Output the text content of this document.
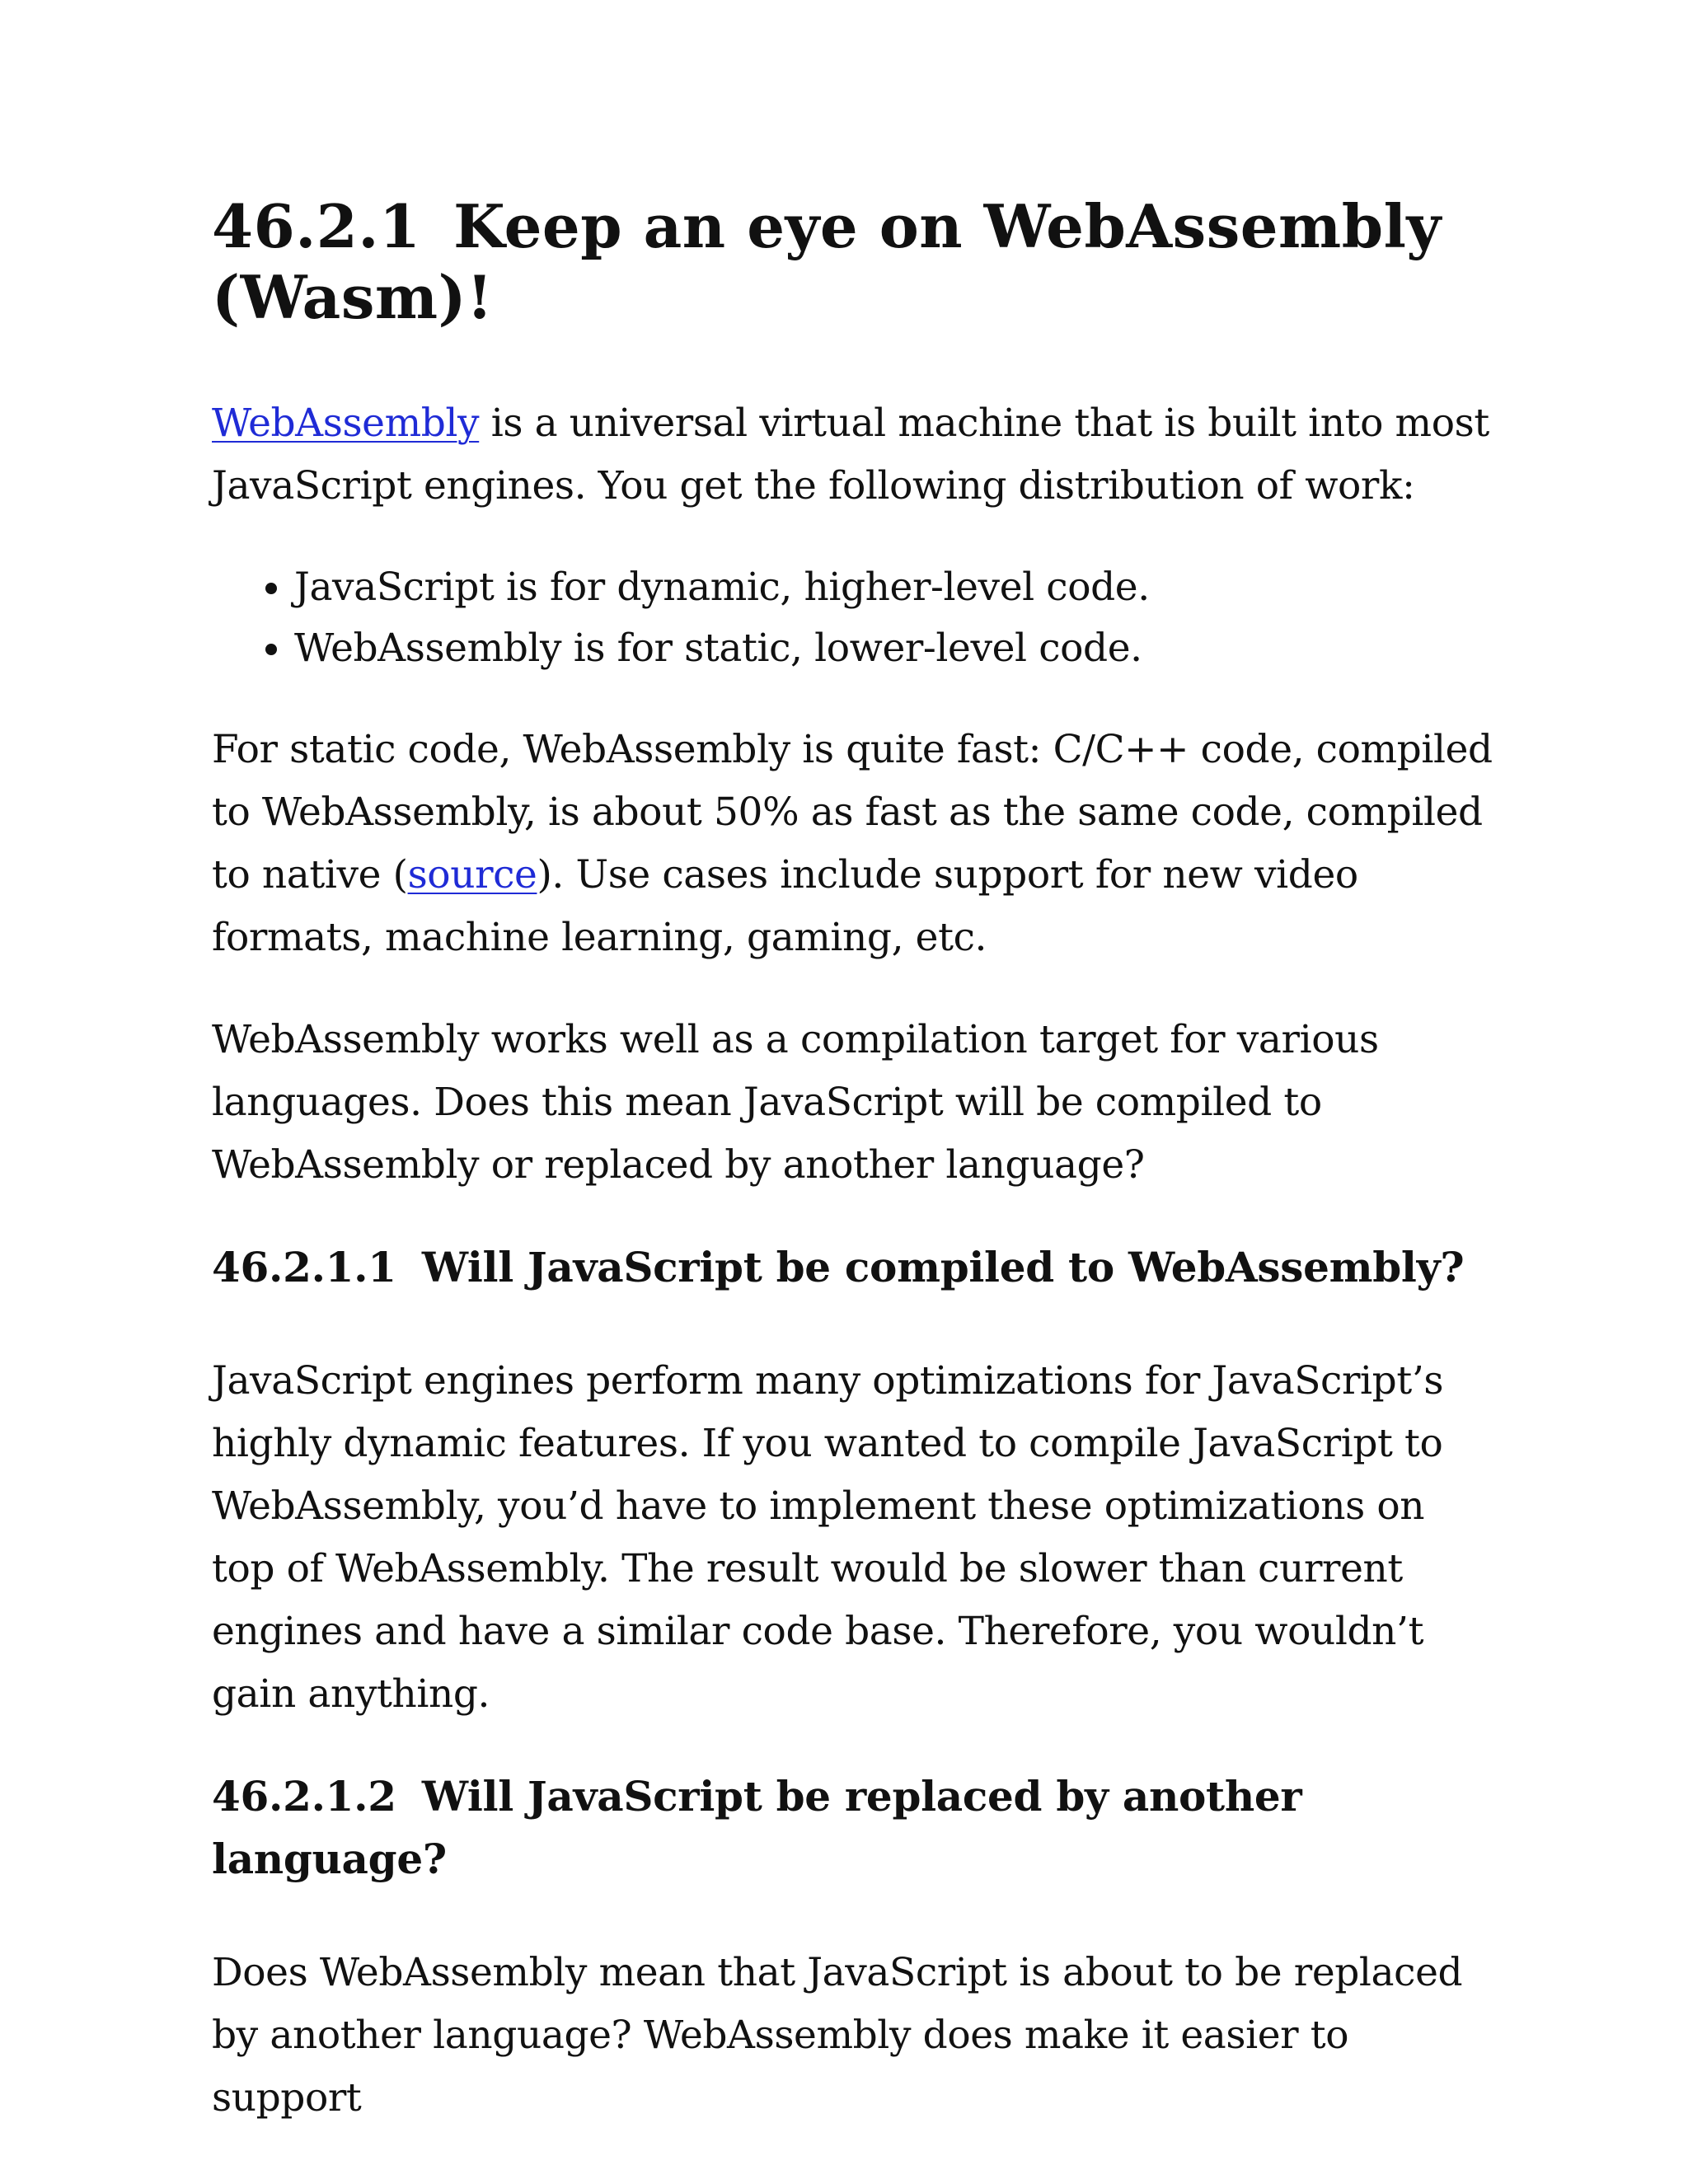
46.2.1 Keep an eye on WebAssembly (Wasm)!

WebAssembly is a universal virtual machine that is built into most JavaScript engines. You get the following distribution of work:

• JavaScript is for dynamic, higher-level code.
• WebAssembly is for static, lower-level code.

For static code, WebAssembly is quite fast: C/C++ code, compiled to WebAssembly, is about 50% as fast as the same code, compiled to native (source). Use cases include support for new video formats, machine learning, gaming, etc.

WebAssembly works well as a compilation target for various languages. Does this mean JavaScript will be compiled to WebAssembly or replaced by another language?

46.2.1.1 Will JavaScript be compiled to WebAssembly?

JavaScript engines perform many optimizations for JavaScript’s highly dynamic features. If you wanted to compile JavaScript to WebAssembly, you’d have to implement these optimizations on top of WebAssembly. The result would be slower than current engines and have a similar code base. Therefore, you wouldn’t gain anything.

46.2.1.2 Will JavaScript be replaced by another language?

Does WebAssembly mean that JavaScript is about to be replaced by another language? WebAssembly does make it easier to support
